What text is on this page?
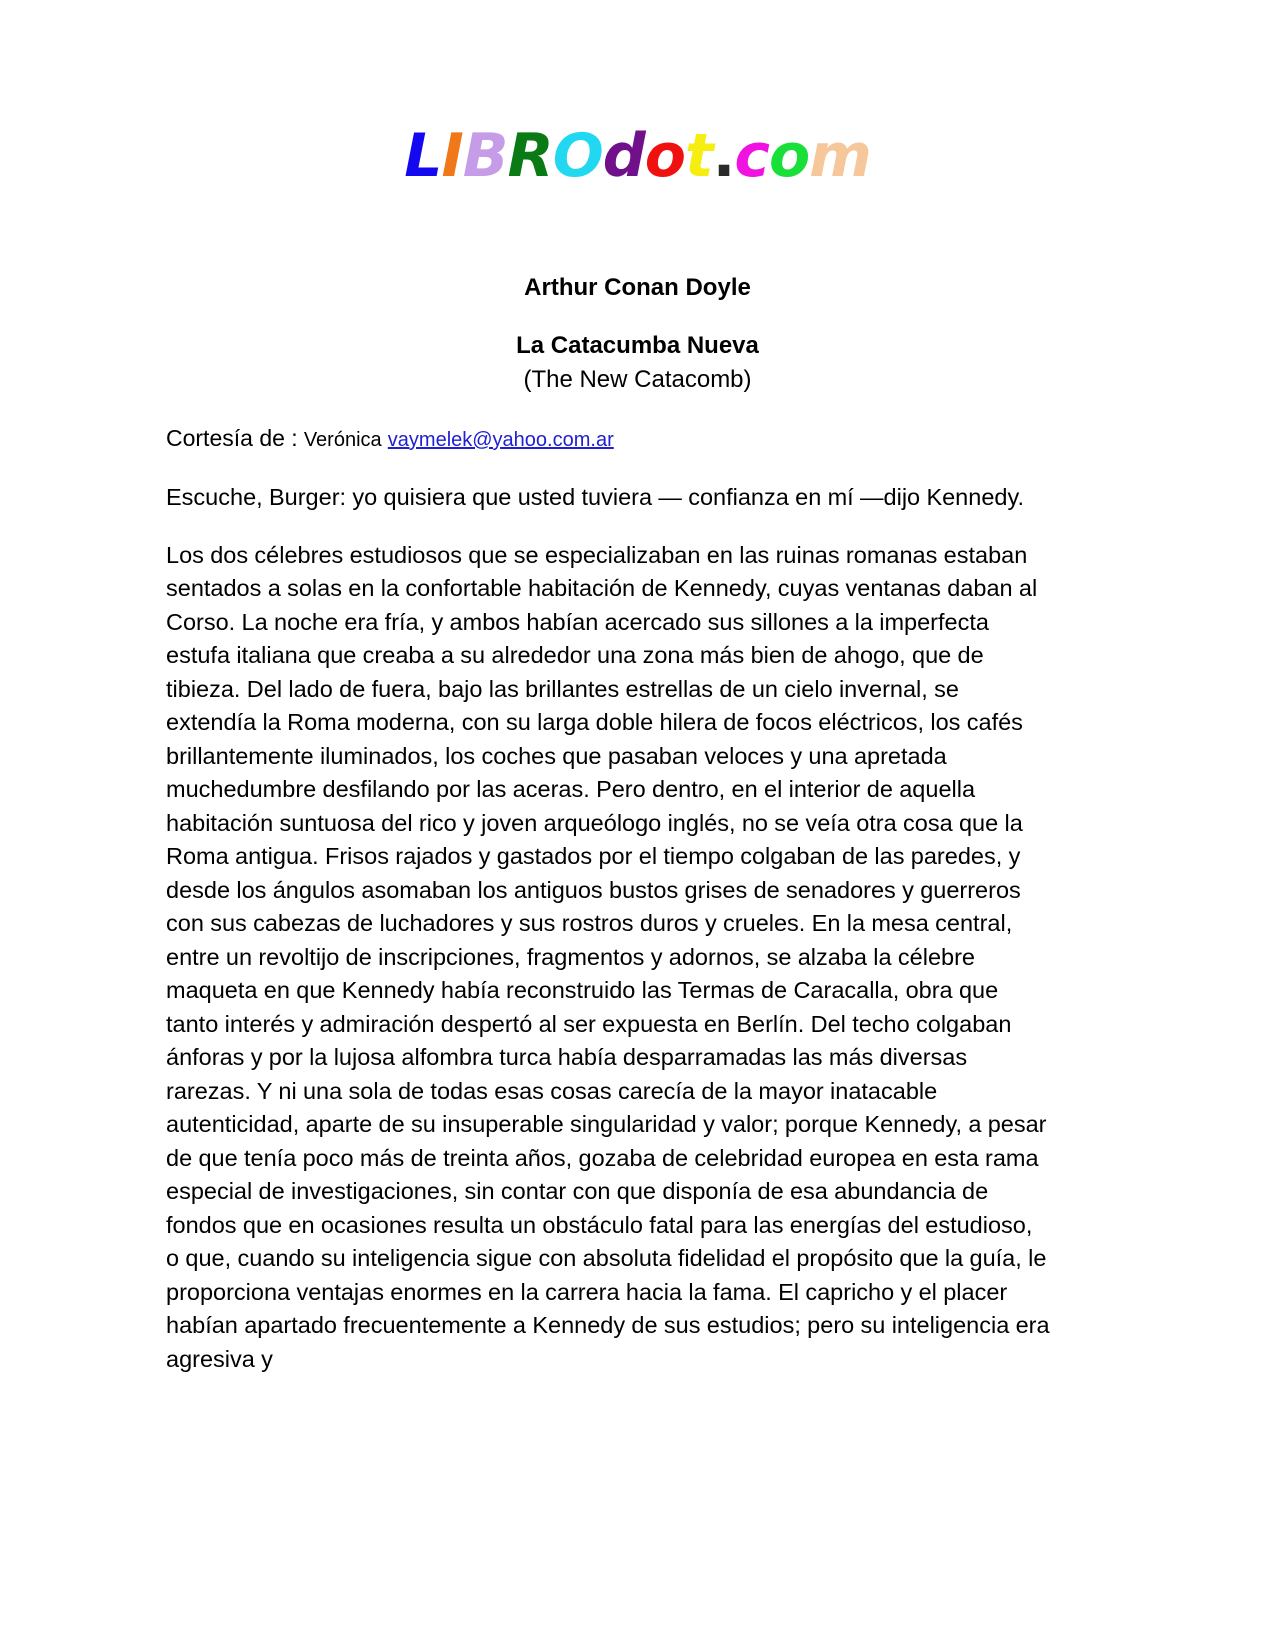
LIBROdot.com
Arthur Conan Doyle
La Catacumba Nueva
(The New Catacomb)
Cortesía de : Verónica vaymelek@yahoo.com.ar

Escuche, Burger: yo quisiera que usted tuviera — confianza en mí —dijo Kennedy.

Los dos célebres estudiosos que se especializaban en las ruinas romanas estaban sentados a solas en la confortable habitación de Kennedy, cuyas ventanas daban al Corso. La noche era fría, y ambos habían acercado sus sillones a la imperfecta estufa italiana que creaba a su alrededor una zona más bien de ahogo, que de tibieza. Del lado de fuera, bajo las brillantes estrellas de un cielo invernal, se extendía la Roma moderna, con su larga doble hilera de focos eléctricos, los cafés brillantemente iluminados, los coches que pasaban veloces y una apretada muchedumbre desfilando por las aceras. Pero dentro, en el interior de aquella habitación suntuosa del rico y joven arqueólogo inglés, no se veía otra cosa que la Roma antigua. Frisos rajados y gastados por el tiempo colgaban de las paredes, y desde los ángulos asomaban los antiguos bustos grises de senadores y guerreros con sus cabezas de luchadores y sus rostros duros y crueles. En la mesa central, entre un revoltijo de inscripciones, fragmentos y adornos, se alzaba la célebre maqueta en que Kennedy había reconstruido las Termas de Caracalla, obra que tanto interés y admiración despertó al ser expuesta en Berlín. Del techo colgaban ánforas y por la lujosa alfombra turca había desparramadas las más diversas rarezas. Y ni una sola de todas esas cosas carecía de la mayor inatacable autenticidad, aparte de su insuperable singularidad y valor; porque Kennedy, a pesar de que tenía poco más de treinta años, gozaba de celebridad europea en esta rama especial de investigaciones, sin contar con que disponía de esa abundancia de fondos que en ocasiones resulta un obstáculo fatal para las energías del estudioso, o que, cuando su inteligencia sigue con absoluta fidelidad el propósito que la guía, le proporciona ventajas enormes en la carrera hacia la fama. El capricho y el placer habían apartado frecuentemente a Kennedy de sus estudios; pero su inteligencia era agresiva y
